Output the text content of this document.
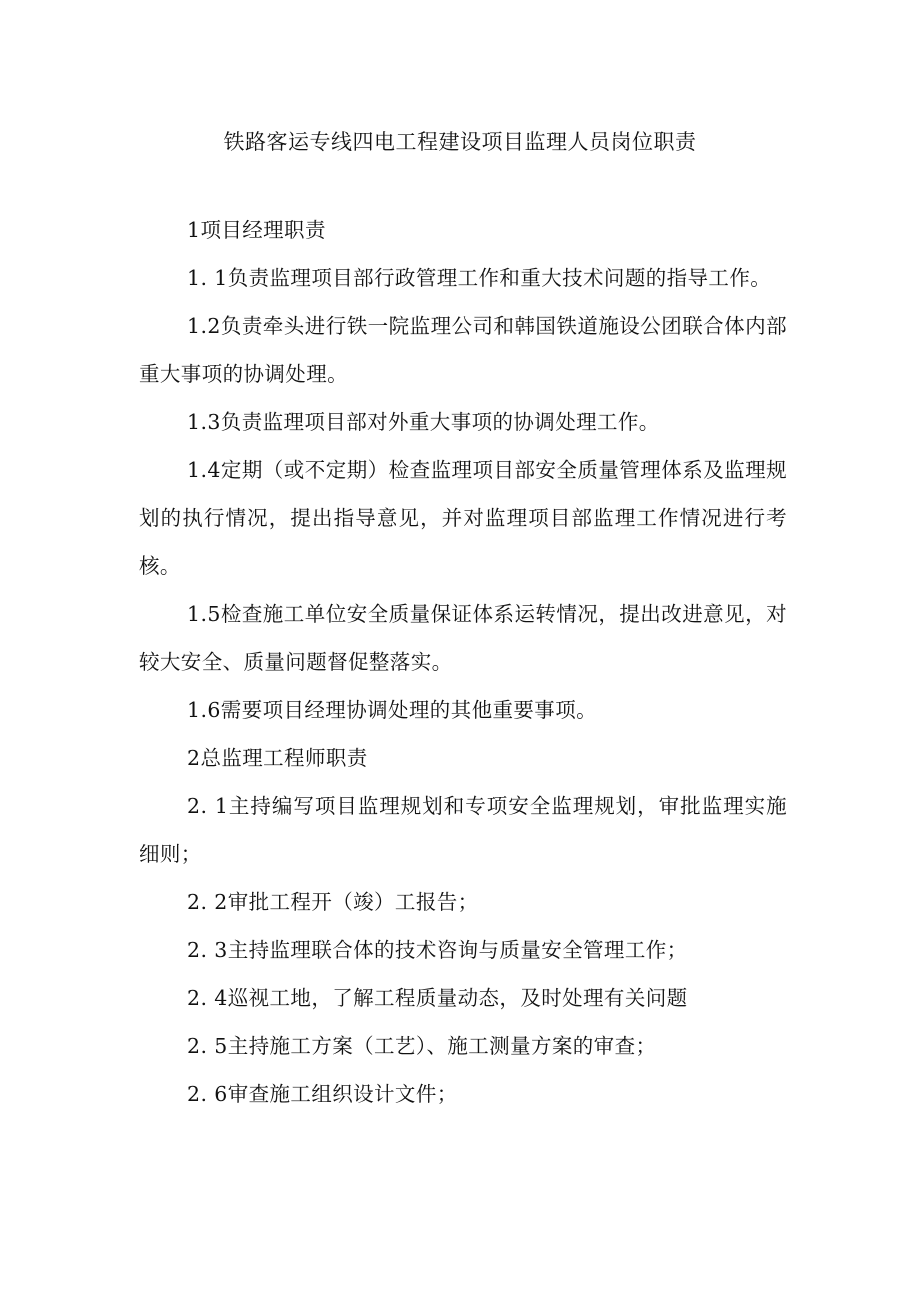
铁路客运专线四电工程建设项目监理人员岗位职责

1项目经理职责

1. 1负责监理项目部行政管理工作和重大技术问题的指导工作。

1.2负责牵头进行铁一院监理公司和韩国铁道施设公团联合体内部重大事项的协调处理。

1.3负责监理项目部对外重大事项的协调处理工作。

1.4定期（或不定期）检查监理项目部安全质量管理体系及监理规划的执行情况，提出指导意见，并对监理项目部监理工作情况进行考核。

1.5检查施工单位安全质量保证体系运转情况，提出改进意见，对较大安全、质量问题督促整落实。

1.6需要项目经理协调处理的其他重要事项。

2总监理工程师职责

2. 1主持编写项目监理规划和专项安全监理规划，审批监理实施细则；

2. 2审批工程开（竣）工报告；

2. 3主持监理联合体的技术咨询与质量安全管理工作；

2. 4巡视工地，了解工程质量动态，及时处理有关问题

2. 5主持施工方案（工艺）、施工测量方案的审查；

2. 6审查施工组织设计文件；
